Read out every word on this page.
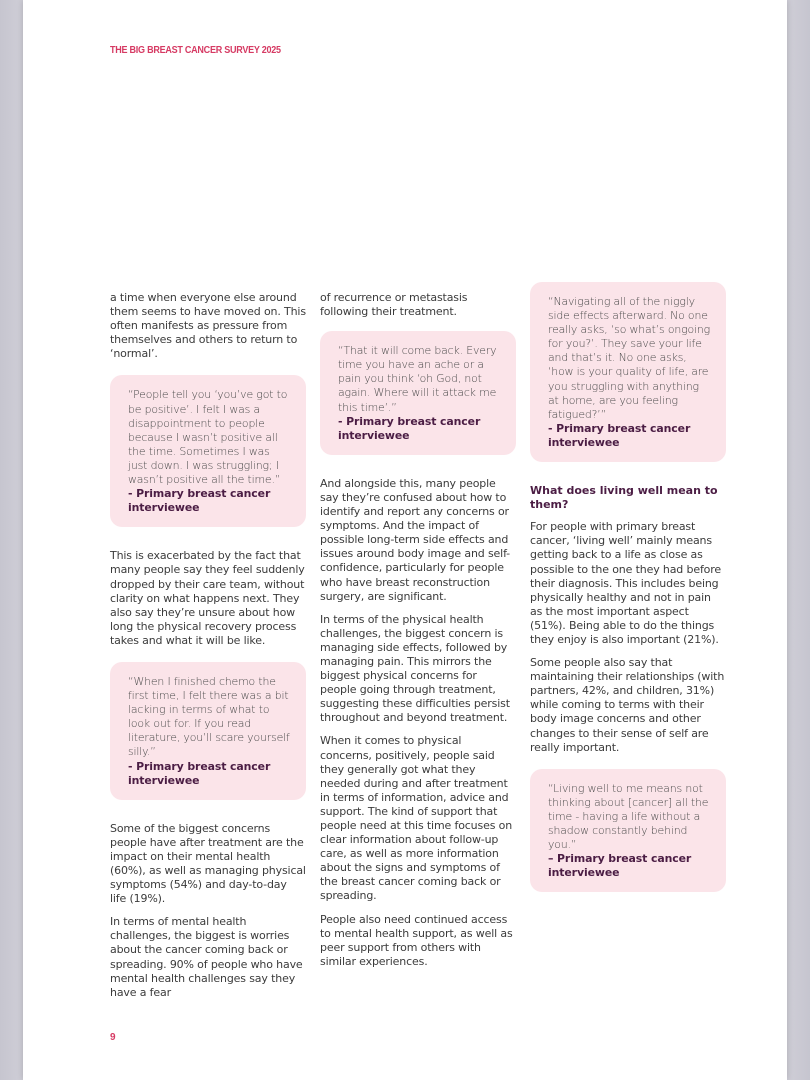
THE BIG BREAST CANCER SURVEY 2025

a time when everyone else around them seems to have moved on. This often manifests as pressure from themselves and others to return to ‘normal’.

“People tell you ‘you’ve got to be positive’. I felt I was a disappointment to people because I wasn’t positive all the time. Sometimes I was just down. I was struggling; I wasn’t positive all the time.”
- Primary breast cancer interviewee

This is exacerbated by the fact that many people say they feel suddenly dropped by their care team, without clarity on what happens next. They also say they’re unsure about how long the physical recovery process takes and what it will be like.

“When I finished chemo the first time, I felt there was a bit lacking in terms of what to look out for. If you read literature, you’ll scare yourself silly.”
- Primary breast cancer interviewee

Some of the biggest concerns people have after treatment are the impact on their mental health (60%), as well as managing physical symptoms (54%) and day-to-day life (19%).

In terms of mental health challenges, the biggest is worries about the cancer coming back or spreading. 90% of people who have mental health challenges say they have a fear

of recurrence or metastasis following their treatment.

“That it will come back. Every time you have an ache or a pain you think ‘oh God, not again. Where will it attack me this time’.”
- Primary breast cancer interviewee

And alongside this, many people say they’re confused about how to identify and report any concerns or symptoms. And the impact of possible long-term side effects and issues around body image and self-confidence, particularly for people who have breast reconstruction surgery, are significant.

In terms of the physical health challenges, the biggest concern is managing side effects, followed by managing pain. This mirrors the biggest physical concerns for people going through treatment, suggesting these difficulties persist throughout and beyond treatment.

When it comes to physical concerns, positively, people said they generally got what they needed during and after treatment in terms of information, advice and support. The kind of support that people need at this time focuses on clear information about follow-up care, as well as more information about the signs and symptoms of the breast cancer coming back or spreading.

People also need continued access to mental health support, as well as peer support from others with similar experiences.

“Navigating all of the niggly side effects afterward. No one really asks, ‘so what’s ongoing for you?’. They save your life and that’s it. No one asks, ‘how is your quality of life, are you struggling with anything at home, are you feeling fatigued?’”
- Primary breast cancer interviewee
What does living well mean to them?

For people with primary breast cancer, ‘living well’ mainly means getting back to a life as close as possible to the one they had before their diagnosis. This includes being physically healthy and not in pain as the most important aspect (51%). Being able to do the things they enjoy is also important (21%).

Some people also say that maintaining their relationships (with partners, 42%, and children, 31%) while coming to terms with their body image concerns and other changes to their sense of self are really important.

“Living well to me means not thinking about [cancer] all the time - having a life without a shadow constantly behind you.”
– Primary breast cancer interviewee
9
